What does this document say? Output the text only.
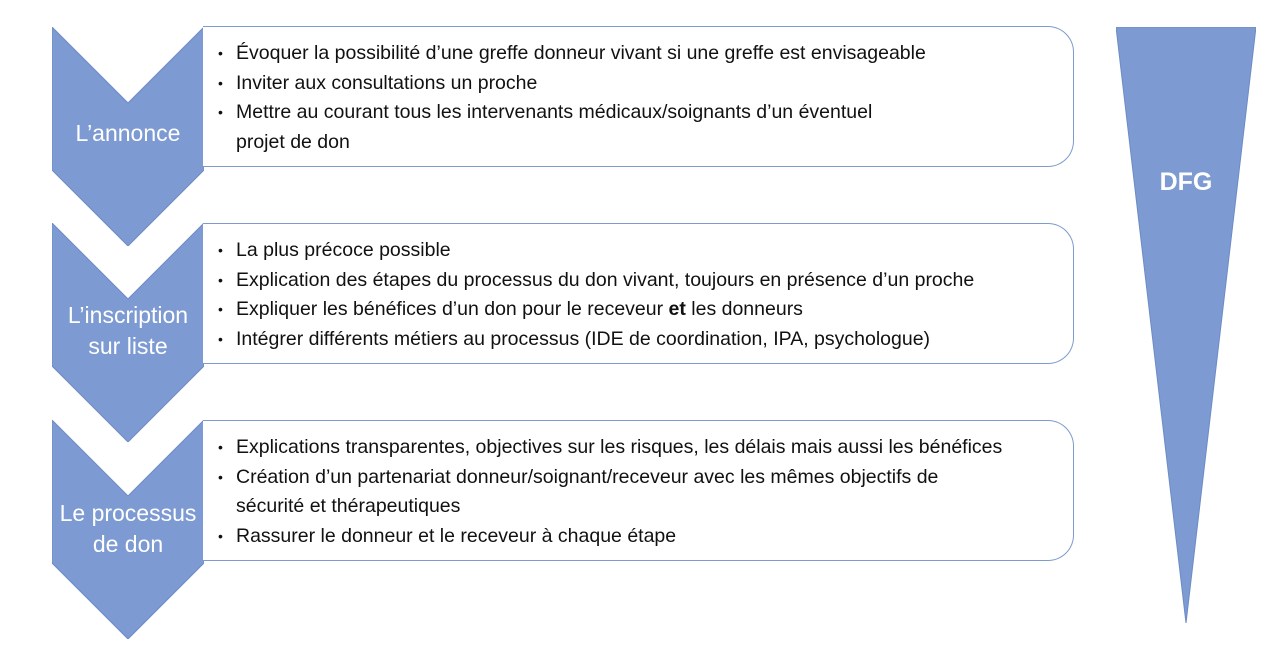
L’annonce
• Évoquer la possibilité d’une greffe donneur vivant si une greffe est envisageable
• Inviter aux consultations un proche
• Mettre au courant tous les intervenants médicaux/soignants d’un éventuel
projet de don
L’inscription
sur liste
• La plus précoce possible
• Explication des étapes du processus du don vivant, toujours en présence d’un proche
• Expliquer les bénéfices d’un don pour le receveur et les donneurs
• Intégrer différents métiers au processus (IDE de coordination, IPA, psychologue)
Le processus
de don
• Explications transparentes, objectives sur les risques, les délais mais aussi les bénéfices
• Création d’un partenariat donneur/soignant/receveur avec les mêmes objectifs de
sécurité et thérapeutiques
• Rassurer le donneur et le receveur à chaque étape
DFG
